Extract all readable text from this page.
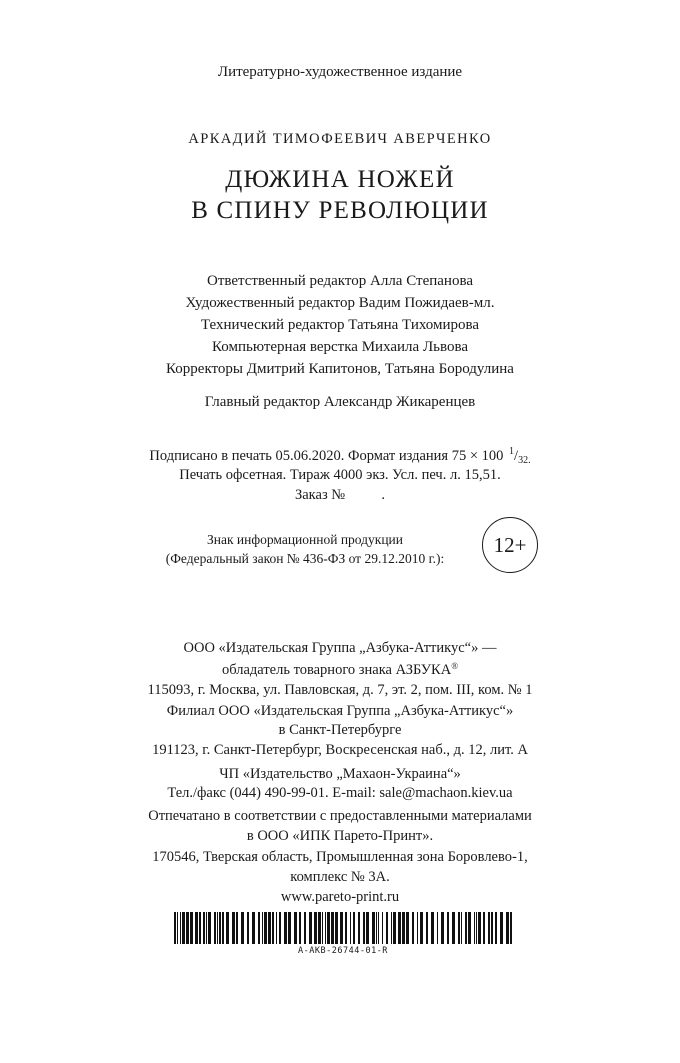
Литературно-художественное издание
АРКАДИЙ ТИМОФЕЕВИЧ АВЕРЧЕНКО
ДЮЖИНА НОЖЕЙ
В СПИНУ РЕВОЛЮЦИИ
Ответственный редактор Алла Степанова
Художественный редактор Вадим Пожидаев-мл.
Технический редактор Татьяна Тихомирова
Компьютерная верстка Михаила Львова
Корректоры Дмитрий Капитонов, Татьяна Бородулина
Главный редактор Александр Жикаренцев
Подписано в печать 05.06.2020. Формат издания 75 × 100 $^1/_{32.}$
Печать офсетная. Тираж 4000 экз. Усл. печ. л. 15,51.
Заказ №          .
Знак информационной продукции
(Федеральный закон № 436-ФЗ от 29.12.2010 г.):
12+
ООО «Издательская Группа „Азбука-Аттикус“» —
обладатель товарного знака АЗБУКА®
115093, г. Москва, ул. Павловская, д. 7, эт. 2, пом. III, ком. № 1
Филиал ООО «Издательская Группа „Азбука-Аттикус“»
в Санкт-Петербурге
191123, г. Санкт-Петербург, Воскресенская наб., д. 12, лит. А
ЧП «Издательство „Махаон-Украина“»
Тел./факс (044) 490-99-01. E-mail: sale@machaon.kiev.ua
Отпечатано в соответствии с предоставленными материалами
в ООО «ИПК Парето-Принт».
170546, Тверская область, Промышленная зона Боровлево-1,
комплекс № 3А.
www.pareto-print.ru
A-AKB-26744-01-R
